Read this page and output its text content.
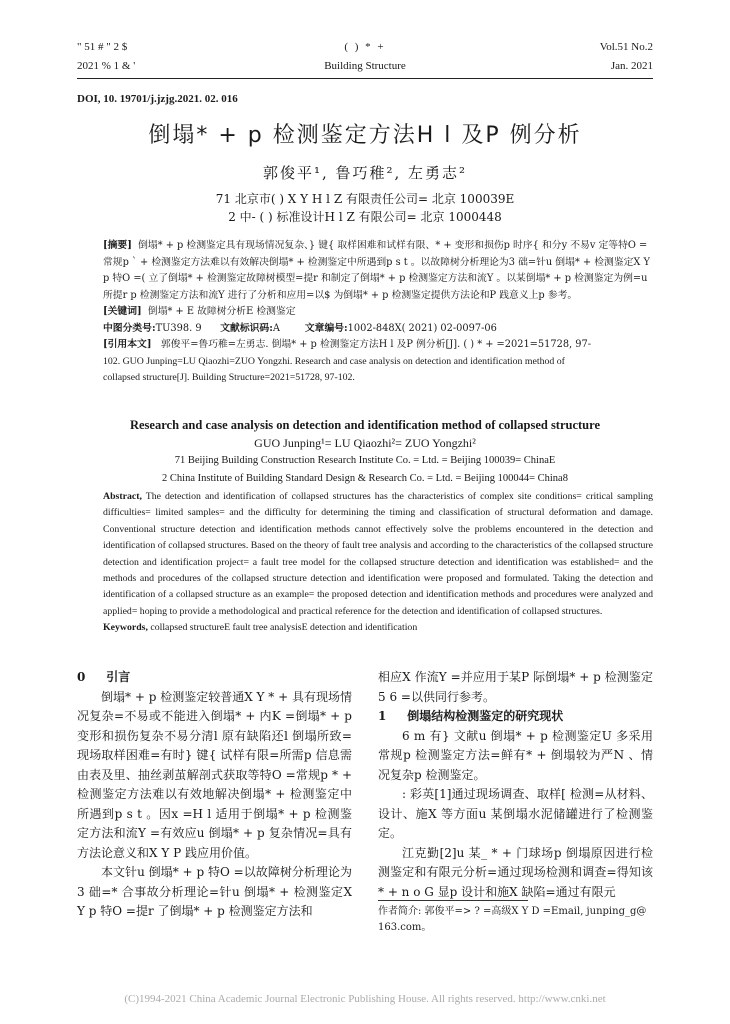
" 51 # " 2 $
2021 % 1 & '
( ) * +
Building Structure
Vol.51 No.2
Jan. 2021
DOI, 10. 19701/j.jzjg.2021. 02. 016
倒塌* + p 检测鉴定方法H l 及P 例分析
郭俊平¹, 鲁巧稚², 左勇志²
71 北京市( ) X Y H l Z 有限责任公司= 北京 100039E
2 中- ( ) 标准设计H l Z 有限公司= 北京 1000448

[摘要] 倒塌* + p 检测鉴定具有现场情况复杂、} 键{ 取样困难和试样有限、* + 变形和损伤p 时序{ 和分y 不易v 定等特O =常规p ` + 检测鉴定方法难以有效解决倒塌* + 检测鉴定中所遇到p s t 。以故障树分析理论为3 础=针u 倒塌* + 检测鉴定X Y p 特O =( 立了倒塌* + 检测鉴定故障树模型=提r 和制定了倒塌* + p 检测鉴定方法和流Y 。以某倒塌* + p 检测鉴定为例=u 所提r p 检测鉴定方法和流Y 进行了分析和应用=以$ 为倒塌* + p 检测鉴定提供方法论和P 践意义上p 参考。

[关键词] 倒塌* + E 故障树分析E 检测鉴定

中图分类号:TU398. 9 文献标识码:A	文章编号:1002-848X( 2021) 02-0097-06

[引用本文] 郭俊平=鲁巧稚=左勇志. 倒塌* + p 检测鉴定方法H l 及P 例分析[J]. ( ) * + =2021=51728, 97-

102. GUO Junping=LU Qiaozhi=ZUO Yongzhi. Research and case analysis on detection and identification method of

collapsed structure[J]. Building Structure=2021=51728, 97-102.

Research and case analysis on detection and identification method of collapsed structure
GUO Junping¹= LU Qiaozhi²= ZUO Yongzhi²
71 Beijing Building Construction Research Institute Co. = Ltd. = Beijing 100039= ChinaE
2 China Institute of Building Standard Design & Research Co. = Ltd. = Beijing 100044= China8

Abstract, The detection and identification of collapsed structures has the characteristics of complex site conditions= critical sampling difficulties= limited samples= and the difficulty for determining the timing and classification of structural deformation and damage. Conventional structure detection and identification methods cannot effectively solve the problems encountered in the detection and identification of collapsed structures. Based on the theory of fault tree analysis and according to the characteristics of the collapsed structure detection and identification project= a fault tree model for the collapsed structure detection and identification was established= and the methods and procedures of the collapsed structure detection and identification were proposed and formulated. Taking the detection and identification of a collapsed structure as an example= the proposed detection and identification methods and procedures were analyzed and applied= hoping to provide a methodological and practical reference for the detection and identification of collapsed structures.

Keywords, collapsed structureE fault tree analysisE detection and identification

0 引言

倒塌* + p 检测鉴定较普通X Y * + 具有现场情况复杂=不易或不能进入倒塌* + 内K =倒塌* + p 变形和损伤复杂不易分清l 原有缺陷还l 倒塌所致=现场取样困难=有时} 键{ 试样有限=所需p 信息需由表及里、抽丝剥茧解剖式获取等特O =常规p * + 检测鉴定方法难以有效地解决倒塌* + 检测鉴定中所遇到p s t 。因x =H l 适用于倒塌* + p 检测鉴定方法和流Y =有效应u 倒塌* + p 复杂情况=具有方法论意义和X Y P 践应用价值。

本文针u 倒塌* + p 特O =以故障树分析理论为3 础=* 合事故分析理论=针u 倒塌* + 检测鉴定X Y p 特O =提r 了倒塌* + p 检测鉴定方法和

相应X 作流Y =并应用于某P 际倒塌* + p 检测鉴定5 6 =以供同行参考。

1 倒塌结构检测鉴定的研究现状

6 m 有} 文献u 倒塌* + p 检测鉴定U 多采用常规p 检测鉴定方法=鲜有* + 倒塌较为严N 、情况复杂p 检测鉴定。

: 彩英[1]通过现场调查、取样[ 检测=从材料、设计、施X 等方面u 某倒塌水泥储罐进行了检测鉴定。

江克勤[2]u 某_ * + 门球场p 倒塌原因进行检测鉴定和有限元分析=通过现场检测和调查=得知该* + n o G 显p 设计和施X 缺陷=通过有限元

作者简介: 郭俊平=> ? =高级X Y D =Email, junping_g@
163.com。
(C)1994-2021 China Academic Journal Electronic Publishing House. All rights reserved. http://www.cnki.net
